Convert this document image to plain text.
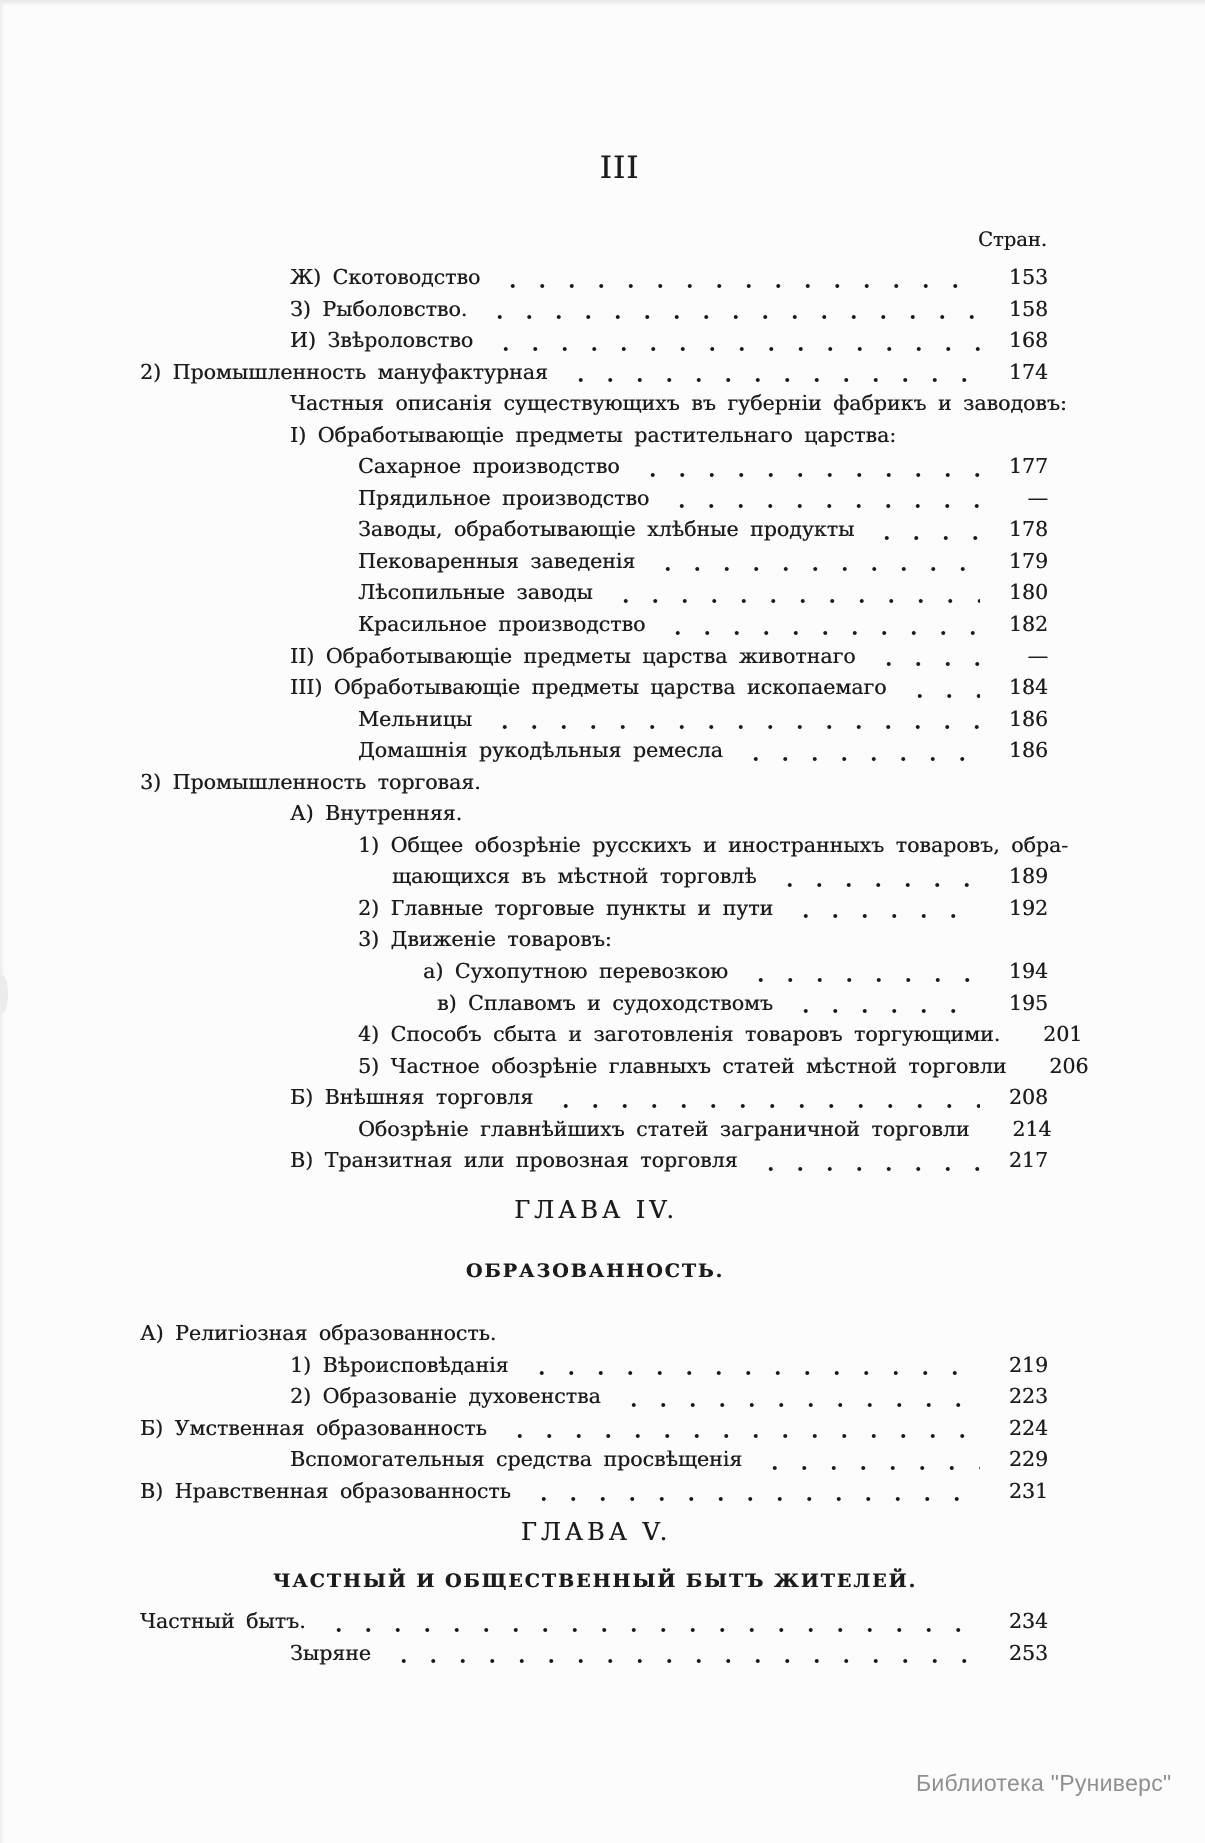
III
Стран.
Ж) Скотоводство	153
З) Рыболовство.	158
И) Звѣроловство	168
2) Промышленность мануфактурная	174
Частныя описанія существующихъ въ губерніи фабрикъ и заводовъ:
I) Обработывающіе предметы растительнаго царства:
Сахарное производство	177
Прядильное производство	—
Заводы, обработывающіе хлѣбные продукты	178
Пековаренныя заведенія	179
Лѣсопильные заводы	180
Красильное производство	182
II) Обработывающіе предметы царства животнаго	—
III) Обработывающіе предметы царства ископаемаго	184
Мельницы	186
Домашнія рукодѣльныя ремесла	186
3) Промышленность торговая.
А) Внутренняя.
1) Общее обозрѣніе русскихъ и иностранныхъ товаровъ, обра-
щающихся въ мѣстной торговлѣ	189
2) Главные торговые пункты и пути	192
3) Движеніе товаровъ:
а) Сухопутною перевозкою	194
в) Сплавомъ и судоходствомъ	195
4) Способъ сбыта и заготовленія товаровъ торгующими.	201
5) Частное обозрѣніе главныхъ статей мѣстной торговли	206
Б) Внѣшняя торговля	208
Обозрѣніе главнѣйшихъ статей заграничной торговли	214
В) Транзитная или провозная торговля	217
ГЛАВА IV.
ОБРАЗОВАННОСТЬ.
А) Религіозная образованность.
1) Вѣроисповѣданія	219
2) Образованіе духовенства	223
Б) Умственная образованность	224
Вспомогательныя средства просвѣщенія	229
В) Нравственная образованность	231
ГЛАВА V.
ЧАСТНЫЙ И ОБЩЕСТВЕННЫЙ БЫТЪ ЖИТЕЛЕЙ.
Частный бытъ.	234
Зыряне	253
Библиотека "Руниверс"
